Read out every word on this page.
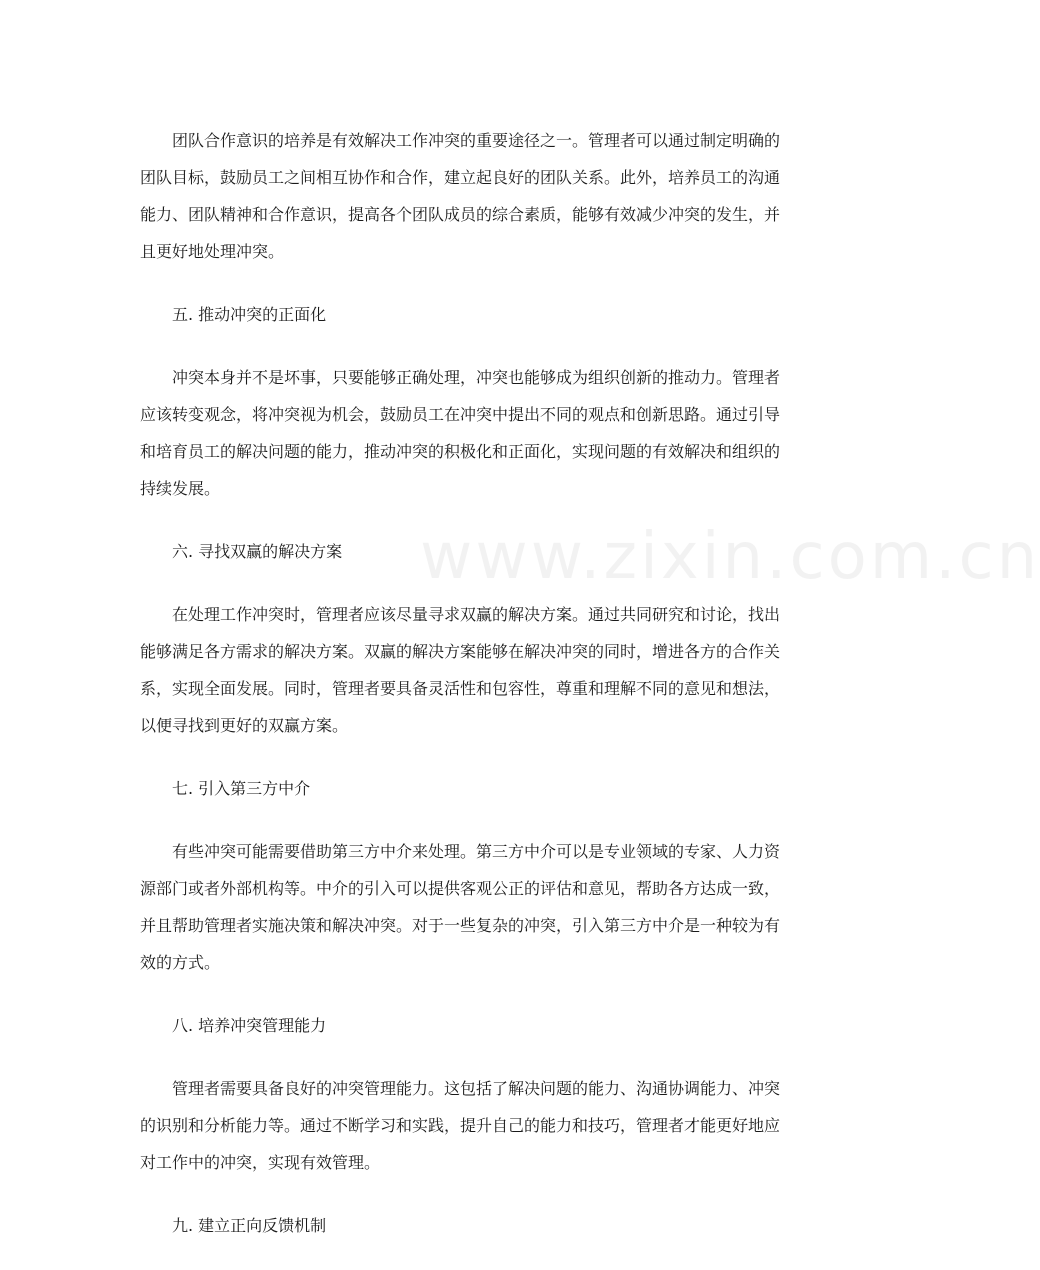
团队合作意识的培养是有效解决工作冲突的重要途径之一。管理者可以通过制定明确的团队目标，鼓励员工之间相互协作和合作，建立起良好的团队关系。此外，培养员工的沟通能力、团队精神和合作意识，提高各个团队成员的综合素质，能够有效减少冲突的发生，并且更好地处理冲突。

五. 推动冲突的正面化

冲突本身并不是坏事，只要能够正确处理，冲突也能够成为组织创新的推动力。管理者应该转变观念，将冲突视为机会，鼓励员工在冲突中提出不同的观点和创新思路。通过引导和培育员工的解决问题的能力，推动冲突的积极化和正面化，实现问题的有效解决和组织的持续发展。

六. 寻找双赢的解决方案

在处理工作冲突时，管理者应该尽量寻求双赢的解决方案。通过共同研究和讨论，找出能够满足各方需求的解决方案。双赢的解决方案能够在解决冲突的同时，增进各方的合作关系，实现全面发展。同时，管理者要具备灵活性和包容性，尊重和理解不同的意见和想法，以便寻找到更好的双赢方案。

七. 引入第三方中介

有些冲突可能需要借助第三方中介来处理。第三方中介可以是专业领域的专家、人力资源部门或者外部机构等。中介的引入可以提供客观公正的评估和意见，帮助各方达成一致，并且帮助管理者实施决策和解决冲突。对于一些复杂的冲突，引入第三方中介是一种较为有效的方式。

八. 培养冲突管理能力

管理者需要具备良好的冲突管理能力。这包括了解决问题的能力、沟通协调能力、冲突的识别和分析能力等。通过不断学习和实践，提升自己的能力和技巧，管理者才能更好地应对工作中的冲突，实现有效管理。

九. 建立正向反馈机制

www.zixin.com.cn
